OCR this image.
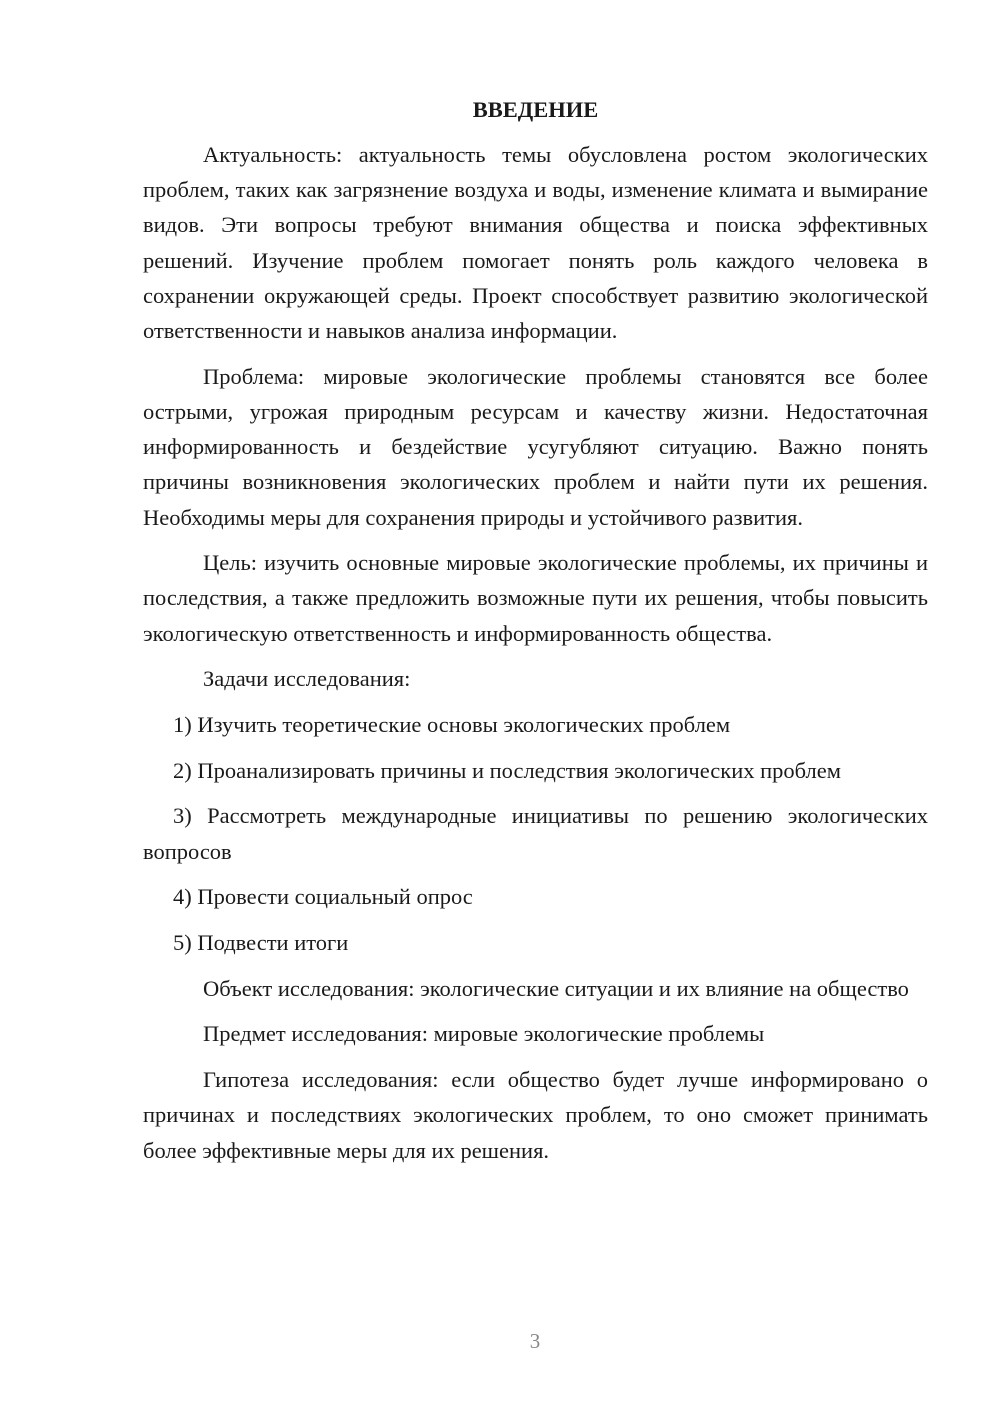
ВВЕДЕНИЕ

Актуальность: актуальность темы обусловлена ростом экологических проблем, таких как загрязнение воздуха и воды, изменение климата и вымирание видов. Эти вопросы требуют внимания общества и поиска эффективных решений. Изучение проблем помогает понять роль каждого человека в сохранении окружающей среды. Проект способствует развитию экологической ответственности и навыков анализа информации.

Проблема: мировые экологические проблемы становятся все более острыми, угрожая природным ресурсам и качеству жизни. Недостаточная информированность и бездействие усугубляют ситуацию. Важно понять причины возникновения экологических проблем и найти пути их решения. Необходимы меры для сохранения природы и устойчивого развития.

Цель: изучить основные мировые экологические проблемы, их причины и последствия, а также предложить возможные пути их решения, чтобы повысить экологическую ответственность и информированность общества.

Задачи исследования:

1) Изучить теоретические основы экологических проблем

2) Проанализировать причины и последствия экологических проблем

3) Рассмотреть международные инициативы по решению экологических вопросов

4) Провести социальный опрос

5) Подвести итоги

Объект исследования: экологические ситуации и их влияние на общество

Предмет исследования: мировые экологические проблемы

Гипотеза исследования: если общество будет лучше информировано о причинах и последствиях экологических проблем, то оно сможет принимать более эффективные меры для их решения.

3
